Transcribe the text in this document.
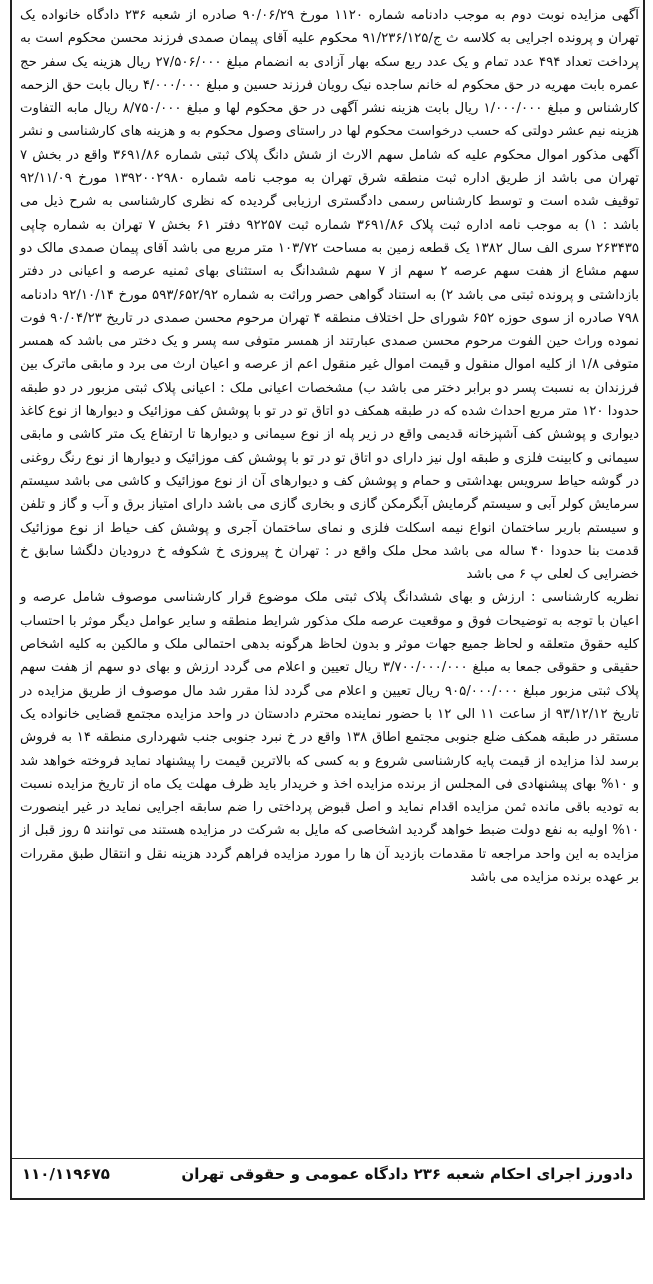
آگهی مزایده نوبت دوم به موجب دادنامه شماره ۱۱۲۰ مورخ ۹۰/۰۶/۲۹ صادره از شعبه ۲۳۶ دادگاه خانواده یک تهران و پرونده اجرایی به کلاسه ث ج/۹۱/۲۳۶/۱۲۵ محکوم علیه آقای پیمان صمدی فرزند محسن محکوم است به پرداخت تعداد ۴۹۴ عدد تمام و یک عدد ربع سکه بهار آزادی به انضمام مبلغ ۲۷/۵۰۶/۰۰۰ ریال هزینه یک سفر حج عمره بابت مهریه در حق محکوم له خانم ساجده نیک رویان فرزند حسین و مبلغ ۴/۰۰۰/۰۰۰ ریال بابت حق الزحمه کارشناس و مبلغ ۱/۰۰۰/۰۰۰ ریال بابت هزینه نشر آگهی در حق محکوم لها و مبلغ ۸/۷۵۰/۰۰۰ ریال مابه التفاوت هزینه نیم عشر دولتی که حسب درخواست محکوم لها در راستای وصول محکوم به و هزینه های کارشناسی و نشر آگهی مذکور اموال محکوم علیه که شامل سهم الارث از شش دانگ پلاک ثبتی شماره ۳۶۹۱/۸۶ واقع در بخش ۷ تهران می باشد از طریق اداره ثبت منطقه شرق تهران به موجب نامه شماره ۱۳۹۲۰۰۲۹۸۰ مورخ ۹۲/۱۱/۰۹ توقیف شده است و توسط کارشناس رسمی دادگستری ارزیابی گردیده که نظری کارشناسی به شرح ذیل می باشد : ۱) به موجب نامه اداره ثبت پلاک ۳۶۹۱/۸۶ شماره ثبت ۹۲۲۵۷ دفتر ۶۱ بخش ۷ تهران به شماره چاپی ۲۶۳۴۳۵ سری الف سال ۱۳۸۲ یک قطعه زمین به مساحت ۱۰۳/۷۲ متر مربع می باشد آقای پیمان صمدی مالک دو سهم مشاع از هفت سهم عرصه ۲ سهم از ۷ سهم ششدانگ به استثنای بهای ثمنیه عرصه و اعیانی در دفتر بازداشتی و پرونده ثبتی می باشد ۲) به استناد گواهی حصر وراثت به شماره ۵۹۳/۶۵۲/۹۲ مورخ ۹۲/۱۰/۱۴ دادنامه ۷۹۸ صادره از سوی حوزه ۶۵۲ شورای حل اختلاف منطقه ۴ تهران مرحوم محسن صمدی در تاریخ ۹۰/۰۴/۲۳ فوت نموده وراث حین الفوت مرحوم محسن صمدی عبارتند از همسر متوفی سه پسر و یک دختر می باشد که همسر متوفی ۱/۸ از کلیه اموال منقول و قیمت اموال غیر منقول اعم از عرصه و اعیان ارث می برد و مابقی ماترک بین فرزندان به نسبت پسر دو برابر دختر می باشد ب) مشخصات اعیانی ملک : اعیانی پلاک ثبتی مزبور در دو طبقه حدودا ۱۲۰ متر مربع احداث شده که در طبقه همکف دو اتاق تو در تو با پوشش کف موزائیک و دیوارها از نوع کاغذ دیواری و پوشش کف آشپزخانه قدیمی واقع در زیر پله از نوع سیمانی و دیوارها تا ارتفاع یک متر کاشی و مابقی سیمانی و کابینت فلزی و طبقه اول نیز دارای دو اتاق تو در تو با پوشش کف موزائیک و دیوارها از نوع رنگ روغنی در گوشه حیاط سرویس بهداشتی و حمام و پوشش کف و دیوارهای آن از نوع موزائیک و کاشی می باشد سیستم سرمایش کولر آبی و سیستم گرمایش آبگرمکن گازی و بخاری گازی می باشد دارای امتیاز برق و آب و گاز و تلفن و سیستم باربر ساختمان انواع نیمه اسکلت فلزی و نمای ساختمان آجری و پوشش کف حیاط از نوع موزائیک قدمت بنا حدودا ۴۰ ساله می باشد محل ملک واقع در : تهران خ پیروزی خ شکوفه خ درودیان دلگشا سابق خ خضرایی ک لعلی پ ۶ می باشد

نظریه کارشناسی : ارزش و بهای ششدانگ پلاک ثبتی ملک موضوع قرار کارشناسی موصوف شامل عرصه و اعیان با توجه به توضیحات فوق و موقعیت عرصه ملک مذکور شرایط منطقه و سایر عوامل دیگر موثر با احتساب کلیه حقوق متعلقه و لحاظ جمیع جهات موثر و بدون لحاظ هرگونه بدهی احتمالی ملک و مالکین به کلیه اشخاص حقیقی و حقوقی جمعا به مبلغ ۳/۷۰۰/۰۰۰/۰۰۰ ریال تعیین و اعلام می گردد ارزش و بهای دو سهم از هفت سهم پلاک ثبتی مزبور مبلغ ۹۰۵/۰۰۰/۰۰۰ ریال تعیین و اعلام می گردد لذا مقرر شد مال موصوف از طریق مزایده در تاریخ ۹۳/۱۲/۱۲ از ساعت ۱۱ الی ۱۲ با حضور نماینده محترم دادستان در واحد مزایده مجتمع قضایی خانواده یک مستقر در طبقه همکف ضلع جنوبی مجتمع اطاق ۱۳۸ واقع در خ نبرد جنوبی جنب شهرداری منطقه ۱۴ به فروش برسد لذا مزایده از قیمت پایه کارشناسی شروع و به کسی که بالاترین قیمت را پیشنهاد نماید فروخته خواهد شد و ۱۰% بهای پیشنهادی فی المجلس از برنده مزایده اخذ و خریدار باید ظرف مهلت یک ماه از تاریخ مزایده نسبت به تودیه باقی مانده ثمن مزایده اقدام نماید و اصل قبوض پرداختی را ضم سابقه اجرایی نماید در غیر اینصورت ۱۰% اولیه به نفع دولت ضبط خواهد گردید اشخاصی که مایل به شرکت در مزایده هستند می توانند ۵ روز قبل از مزایده به این واحد مراجعه تا مقدمات بازدید آن ها را مورد مزایده فراهم گردد هزینه نقل و انتقال طبق مقررات بر عهده برنده مزایده می باشد

دادورز اجرای احکام شعبه ۲۳۶ دادگاه عمومی و حقوقی تهران
۱۱۰/۱۱۹۶۷۵
